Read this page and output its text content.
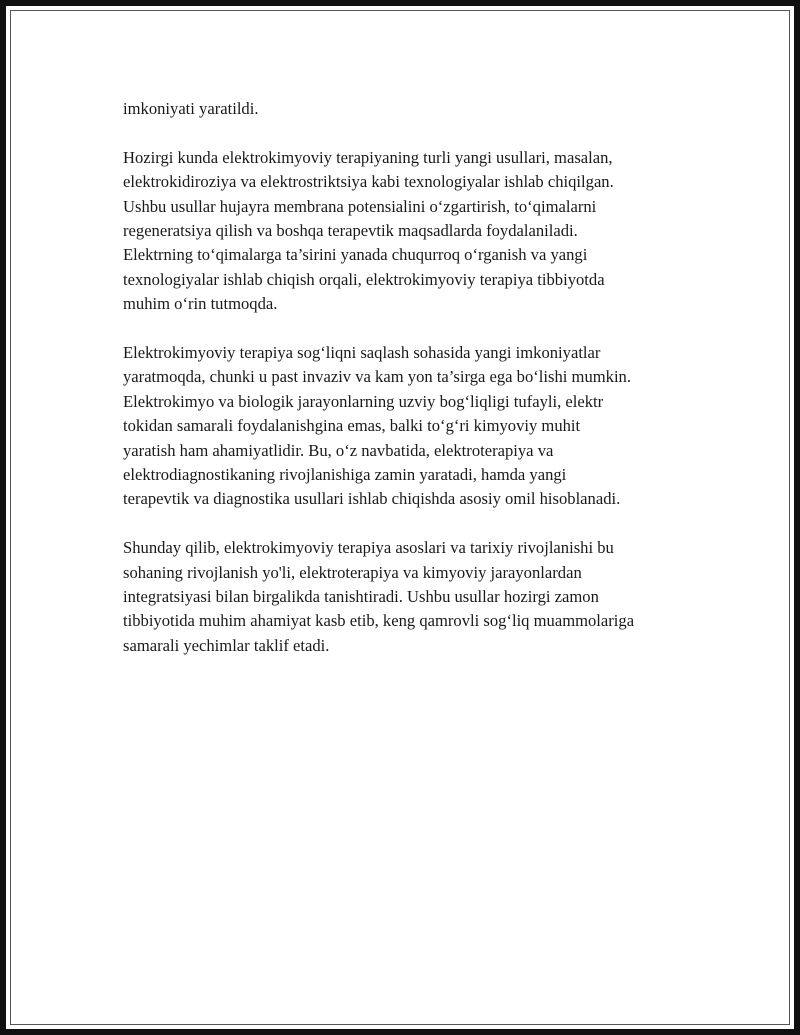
imkoniyati yaratildi.

Hozirgi kunda elektrokimyoviy terapiyaning turli yangi usullari, masalan,
elektrokidiroziya va elektrostriktsiya kabi texnologiyalar ishlab chiqilgan.
Ushbu usullar hujayra membrana potensialini o‘zgartirish, to‘qimalarni
regeneratsiya qilish va boshqa terapevtik maqsadlarda foydalaniladi.
Elektrning to‘qimalarga ta’sirini yanada chuqurroq o‘rganish va yangi
texnologiyalar ishlab chiqish orqali, elektrokimyoviy terapiya tibbiyotda
muhim o‘rin tutmoqda.

Elektrokimyoviy terapiya sog‘liqni saqlash sohasida yangi imkoniyatlar
yaratmoqda, chunki u past invaziv va kam yon ta’sirga ega bo‘lishi mumkin.
Elektrokimyo va biologik jarayonlarning uzviy bog‘liqligi tufayli, elektr
tokidan samarali foydalanishgina emas, balki to‘g‘ri kimyoviy muhit
yaratish ham ahamiyatlidir. Bu, o‘z navbatida, elektroterapiya va
elektrodiagnostikaning rivojlanishiga zamin yaratadi, hamda yangi
terapevtik va diagnostika usullari ishlab chiqishda asosiy omil hisoblanadi.

Shunday qilib, elektrokimyoviy terapiya asoslari va tarixiy rivojlanishi bu
sohaning rivojlanish yo'li, elektroterapiya va kimyoviy jarayonlardan
integratsiyasi bilan birgalikda tanishtiradi. Ushbu usullar hozirgi zamon
tibbiyotida muhim ahamiyat kasb etib, keng qamrovli sog‘liq muammolariga
samarali yechimlar taklif etadi.
